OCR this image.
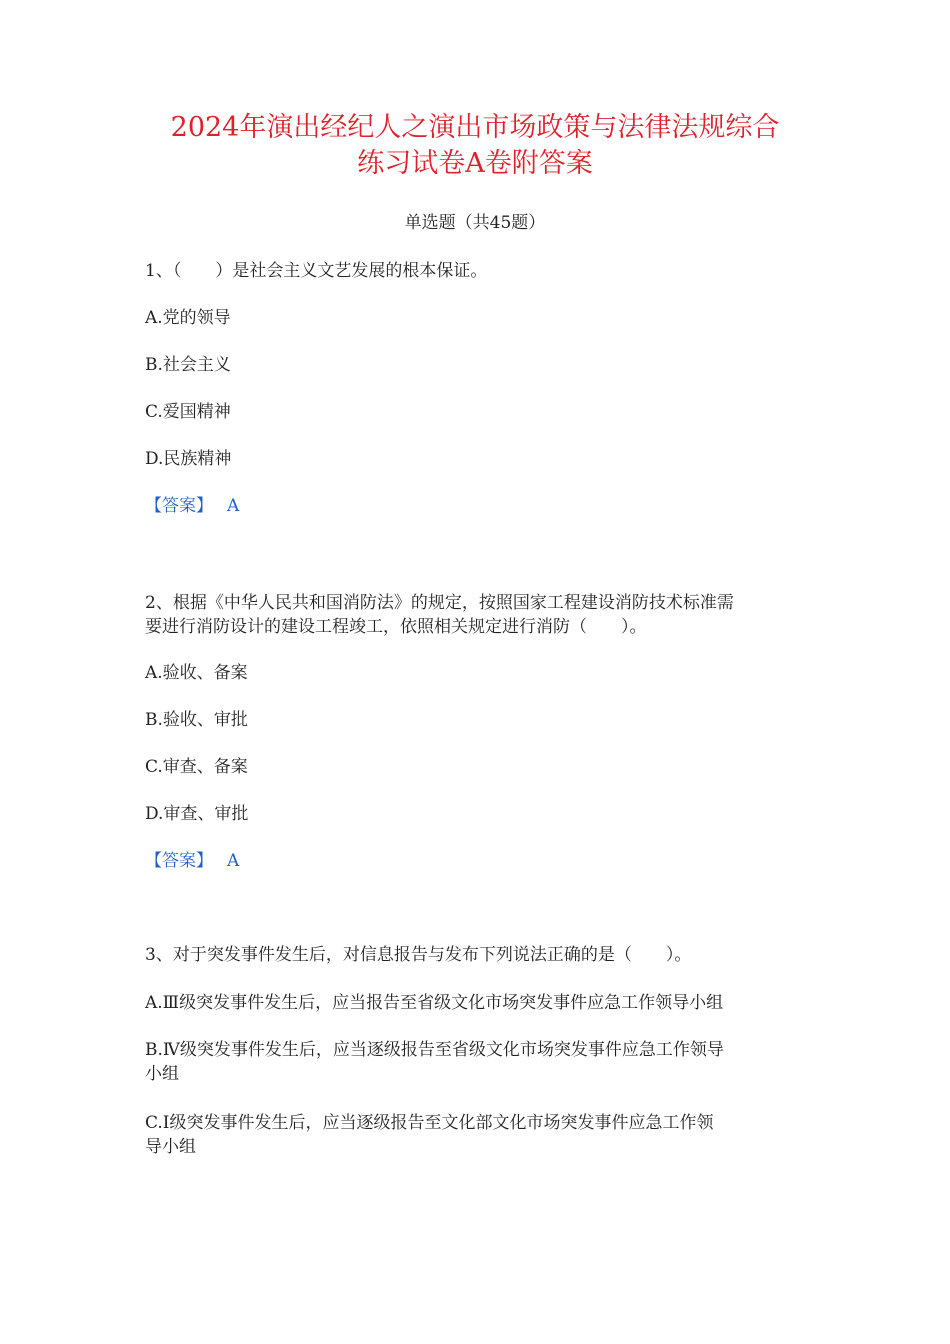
2024年演出经纪人之演出市场政策与法律法规综合
练习试卷A卷附答案
单选题（共45题）
1、（　　）是社会主义文艺发展的根本保证。
A.党的领导
B.社会主义
C.爱国精神
D.民族精神
【答案】 A
2、根据《中华人民共和国消防法》的规定，按照国家工程建设消防技术标准需
要进行消防设计的建设工程竣工，依照相关规定进行消防（　　）。
A.验收、备案
B.验收、审批
C.审查、备案
D.审查、审批
【答案】 A
3、对于突发事件发生后，对信息报告与发布下列说法正确的是（　　）。
A.Ⅲ级突发事件发生后，应当报告至省级文化市场突发事件应急工作领导小组
B.Ⅳ级突发事件发生后，应当逐级报告至省级文化市场突发事件应急工作领导
小组
C.Ⅰ级突发事件发生后，应当逐级报告至文化部文化市场突发事件应急工作领
导小组
